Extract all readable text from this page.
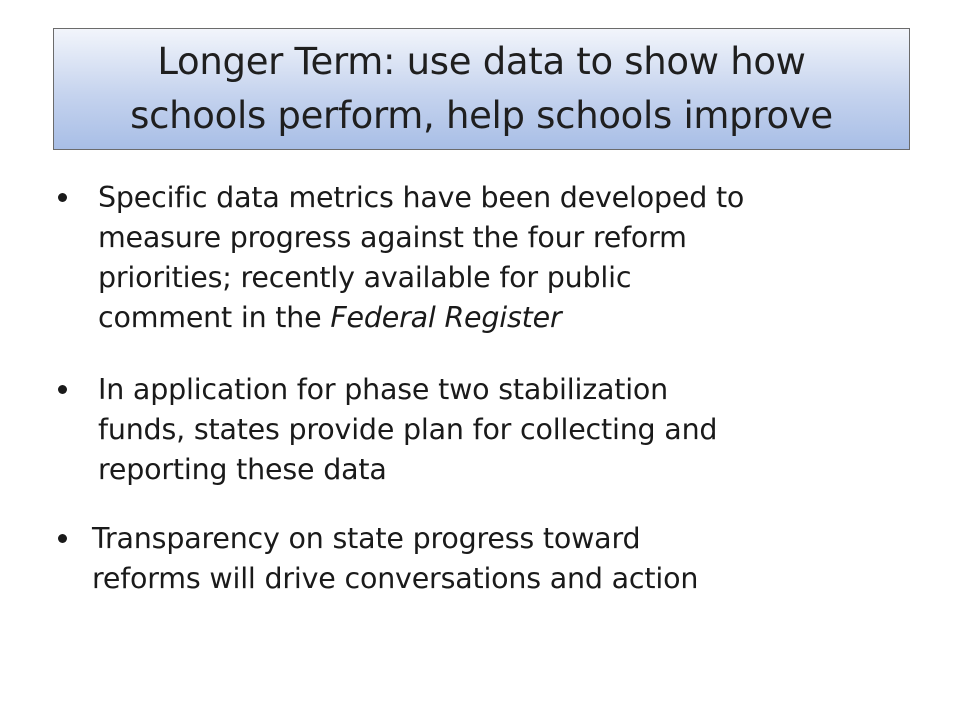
Longer Term: use data to show how
schools perform, help schools improve
Specific data metrics have been developed to
measure progress against the four reform
priorities; recently available for public
comment in the Federal Register
In application for phase two stabilization
funds, states provide plan for collecting and
reporting these data
Transparency on state progress toward
reforms will drive conversations and action
